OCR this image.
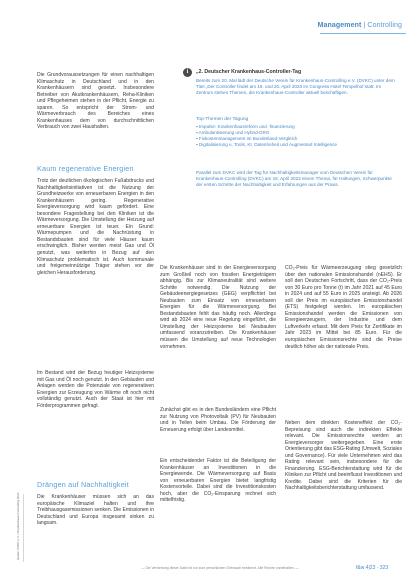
Management | Controlling
i	„2. Deutscher Krankenhaus-Controller-Tag
Bereits zum 20. Mal lädt der Deutsche Verein für Krankenhaus-Controlling e.V. (DVKC) unter dem Titel „Der Controller findet am 19. und 20. April 2023 im Congress Hotel Tempelhof statt. Im Zentrum stehen Themen, die Krankenhaus-Controller aktuell beschäftigen.
Top-Themen der Tagung
▪ Impulse: Krankenhausreform und -finanzierung
▪ Ambulantisierung und Hybrid-DRG
▪ Fixkostenmanagement im Bundesland-Vergleich
▪ Digitalisierung u. Tools, KI, Datenhoheit und Augmented Intelligence
Parallel zum DVKC wird der Tag für Nachhaltigkeitsmanager vom Deutschen Verein für Krankenhaus-Controlling (DVKC) am 18. April 2023 einem Thema, für Haltungen, Schwerpunkte der ersten Schritte der Nachhaltigkeit und Erfahrungen aus der Praxis.
Die Grundvoraussetzungen für einen nachhaltigen Klimaschutz in Deutschland und in den Krankenhäusern sind gesetzt. Insbesondere Betreiber von Akutkrankenhäusern, Reha-Kliniken und Pflegeheimen stehen in der Pflicht, Energie zu sparen. So entspricht der Strom- und Wärmeverbrauch des Bereiches eines Krankenhauses dem von durchschnittlichen Verbrauch von zwei Haushalten.
Kaum regenerative Energien
Trotz der deutlichen ökologischen Fußabdrucks und Nachhaltigkeitsinitiativen ist die Nutzung der Grundheizwerke von erneuerbaren Energien in den Krankenhäusern gering. Regenerative Energieversorgung wird kaum gefördert. Eine besondere Fragestellung bei den Kliniken ist die Wärmeversorgung. Die Umstellung der Heizung auf erneuerbare Energien ist teuer. Ein Grund: Wärmepumpen und die Nachrüstung in Bestandsbauten sind für viele Häuser kaum erschwinglich. Bisher werden meist Gas und Öl genutzt, was weiterhin in Bezug auf den Klimaschutz problematisch ist. Auch kommunale und freigemeinnützige Träger stehen vor der gleichen Herausforderung.
Im Bestand wird der Bezug heutiger Heizsysteme mit Gas und Öl noch genutzt. In den Gebäuden und Anlagen werden die Potenziale von regenerativen Energien zur Erzeugung von Wärme oft noch nicht vollständig genutzt. Auch der Staat ist hier mit Förderprogrammen gefragt.
Drängen auf Nachhaltigkeit
Die Krankenhäuser müssen sich an das europäische Klimaziel halten und ihre Treibhausgasemissionen senken. Die Emissionen in Deutschland und Europa insgesamt sinken zu langsam.
Quelle: DVKC e.V. / Krankenhaus Controlling 2023
Die Krankenhäuser sind in der Energieversorgung zum Großteil noch von fossilen Energieträgern abhängig. Bis zur Klimaneutralität sind weitere Schritte notwendig. Die Nutzung der Gebäudeenergiegesetzes (GEG) verpflichtet bei Neubauten zum Einsatz von erneuerbaren Energien für die Wärmeversorgung. Bei Bestandsbauten fehlt das häufig noch. Allerdings wird ab 2024 eine neue Regelung eingeführt, die Umstellung der Heizsysteme bei Neubauten umfassend voranzutreiben. Die Krankenhäuser müssen die Umstellung auf neue Technologien vornehmen.
Zunächst gibt es in den Bundesländern eine Pflicht zur Nutzung von Photovoltaik (PV) für Neubauten und in Teilen beim Umbau. Die Förderung der Erneuerung erfolgt über Landesmittel.
Ein entscheidender Faktor ist die Beteiligung der Krankenhäuser an Investitionen in die Energiewende. Die Wärmeversorgung auf Basis von erneuerbaren Energien bietet langfristig Kostenvorteile. Dabei sind die Investitionskosten hoch, aber die CO₂-Einsparung rechnet sich mittelfristig.
CO₂-Preis für Wärmeerzeugung stieg gesetzlich über den nationalen Emissionshandel (nEHS). Er soll den Deutschen Fortschritt, dass der CO₂-Preis von 30 Euro pro Tonne (t) im Jahr 2021 auf 45 Euro in 2024 und auf 55 Euro in 2025 ansteigt. Ab 2026 soll der Preis im europäischen Emissionshandel (ETS) festgelegt werden. Im europäischen Emissionshandel werden die Emissionen von Energieerzeugern, der Industrie und dem Luftverkehr erfasst. Mit dem Preis für Zertifikate im Jahr 2023 im Mittel bei 85 Euro. Für die europäischen Emissionsrechte sind die Preise deutlich höher als der nationale Preis.
Neben dem direkten Kosteneffekt der CO₂-Bepreisung sind auch die indirekten Effekte relevant. Die Emissionsrechte werden an Energieversorger weitergegeben. Eine erste Orientierung gibt das ESG-Rating (Umwelt, Soziales und Governance). Für viele Unternehmen wird das Rating relevant sein, insbesondere für die Finanzierung. ESG-Berichterstattung wird für die Kliniken zur Pflicht und beeinflusst Investitionen und Kredite. Dabei sind die Kriterien für die Nachhaltigkeitsberichterstattung umfassend.
— Die Verwertung dieser Datei ist nur zum persönlichen Gebrauch bestimmt. Alle Rechte vorbehalten. —	f&w 4|23 · 323
